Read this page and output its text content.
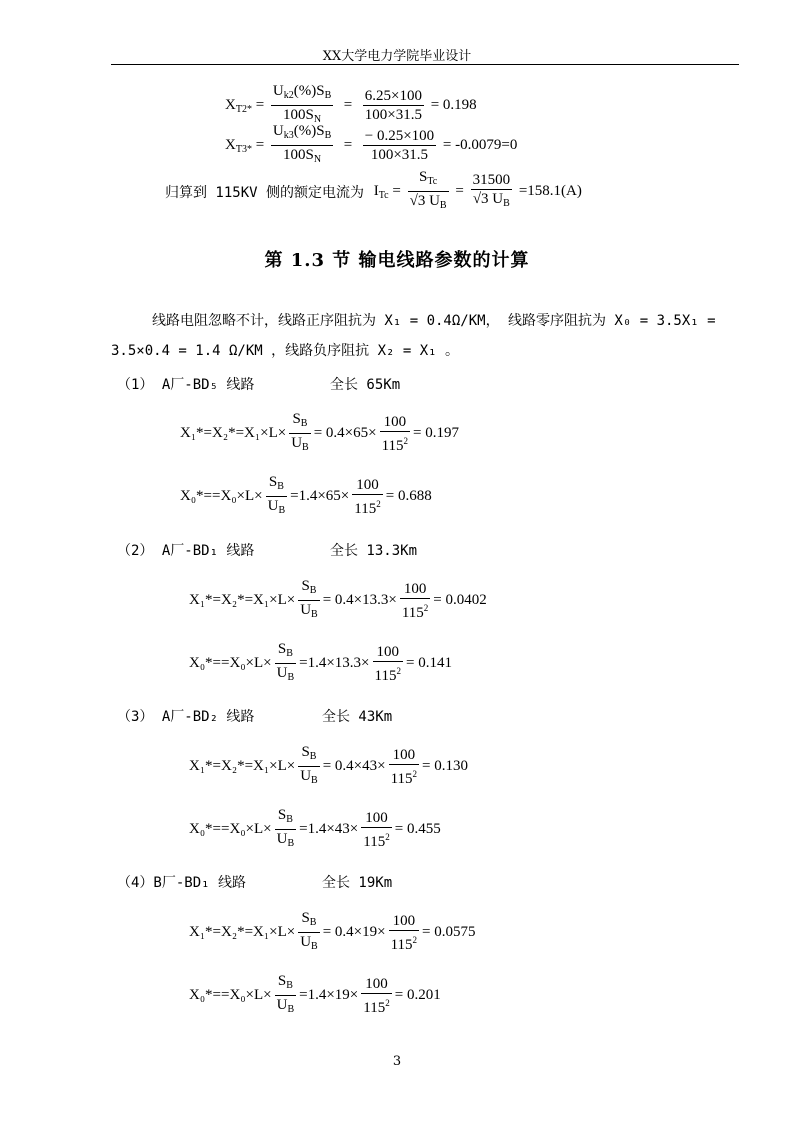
XX大学电力学院毕业设计
$X_{T2*} = \frac{U_{k2}(\%)S_B}{100S_N} = \frac{6.25\times 100}{100\times 31.5} = 0.198$
$X_{T3*} = \frac{U_{k3}(\%)S_B}{100S_N} = \frac{- 0.25\times 100}{100\times 31.5} = -0.0079=0$
归算到 115KV 侧的额定电流为 $I_{Tc} = \frac{S_{Tc}}{√3 U_B} = \frac{31500}{√3 U_B} =158.1(A)$
第 1.3 节 输电线路参数的计算
线路电阻忽略不计，线路正序阻抗为 X₁ = 0.4Ω/KM， 线路零序阻抗为 X₀ = 3.5X₁ =
3.5×0.4 = 1.4 Ω/KM ，线路负序阻抗 X₂ = X₁ 。
（1） A厂-BD₅ 线路	全长 65Km
$X_1*=X_2*=X_1\times L\times \frac{S_B}{U_B} = 0.4\times 65\times \frac{100}{115^2} = 0.197$
$X_0*==X_0\times L\times \frac{S_B}{U_B} =1.4\times 65\times \frac{100}{115^2} = 0.688$
（2） A厂-BD₁ 线路	全长 13.3Km
$X_1*=X_2*=X_1\times L\times \frac{S_B}{U_B} = 0.4\times 13.3\times \frac{100}{115^2} = 0.0402$
$X_0*==X_0\times L\times \frac{S_B}{U_B} =1.4\times 13.3\times \frac{100}{115^2} = 0.141$
（3） A厂-BD₂ 线路	全长 43Km
$X_1*=X_2*=X_1\times L\times \frac{S_B}{U_B} = 0.4\times 43\times \frac{100}{115^2} = 0.130$
$X_0*==X_0\times L\times \frac{S_B}{U_B} =1.4\times 43\times \frac{100}{115^2} = 0.455$
（4）B厂-BD₁ 线路	全长 19Km
$X_1*=X_2*=X_1\times L\times \frac{S_B}{U_B} = 0.4\times 19\times \frac{100}{115^2} = 0.0575$
$X_0*==X_0\times L\times \frac{S_B}{U_B} =1.4\times 19\times \frac{100}{115^2} = 0.201$
3
